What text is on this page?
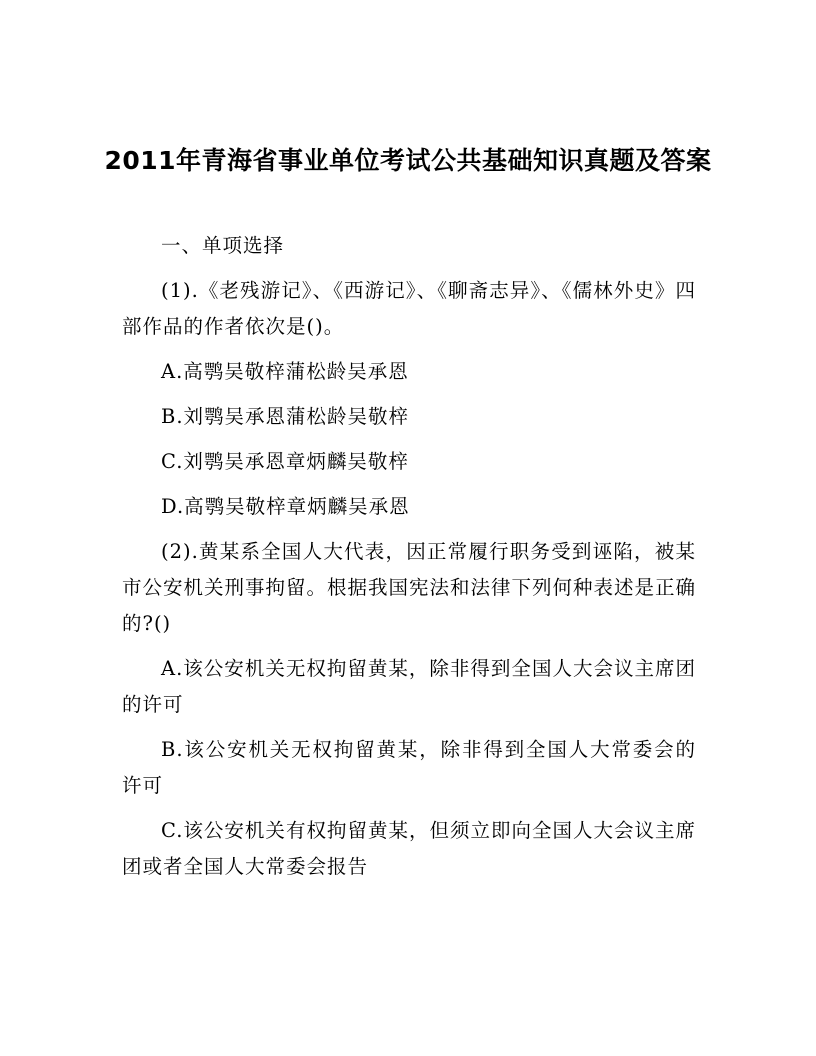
2011年青海省事业单位考试公共基础知识真题及答案

一、单项选择

(1).《老残游记》、《西游记》、《聊斋志异》、《儒林外史》四部作品的作者依次是()。

A.高鹗吴敬梓蒲松龄吴承恩

B.刘鹗吴承恩蒲松龄吴敬梓

C.刘鹗吴承恩章炳麟吴敬梓

D.高鹗吴敬梓章炳麟吴承恩

(2).黄某系全国人大代表，因正常履行职务受到诬陷，被某市公安机关刑事拘留。根据我国宪法和法律下列何种表述是正确的?()

A.该公安机关无权拘留黄某，除非得到全国人大会议主席团的许可

B.该公安机关无权拘留黄某，除非得到全国人大常委会的许可

C.该公安机关有权拘留黄某，但须立即向全国人大会议主席团或者全国人大常委会报告
